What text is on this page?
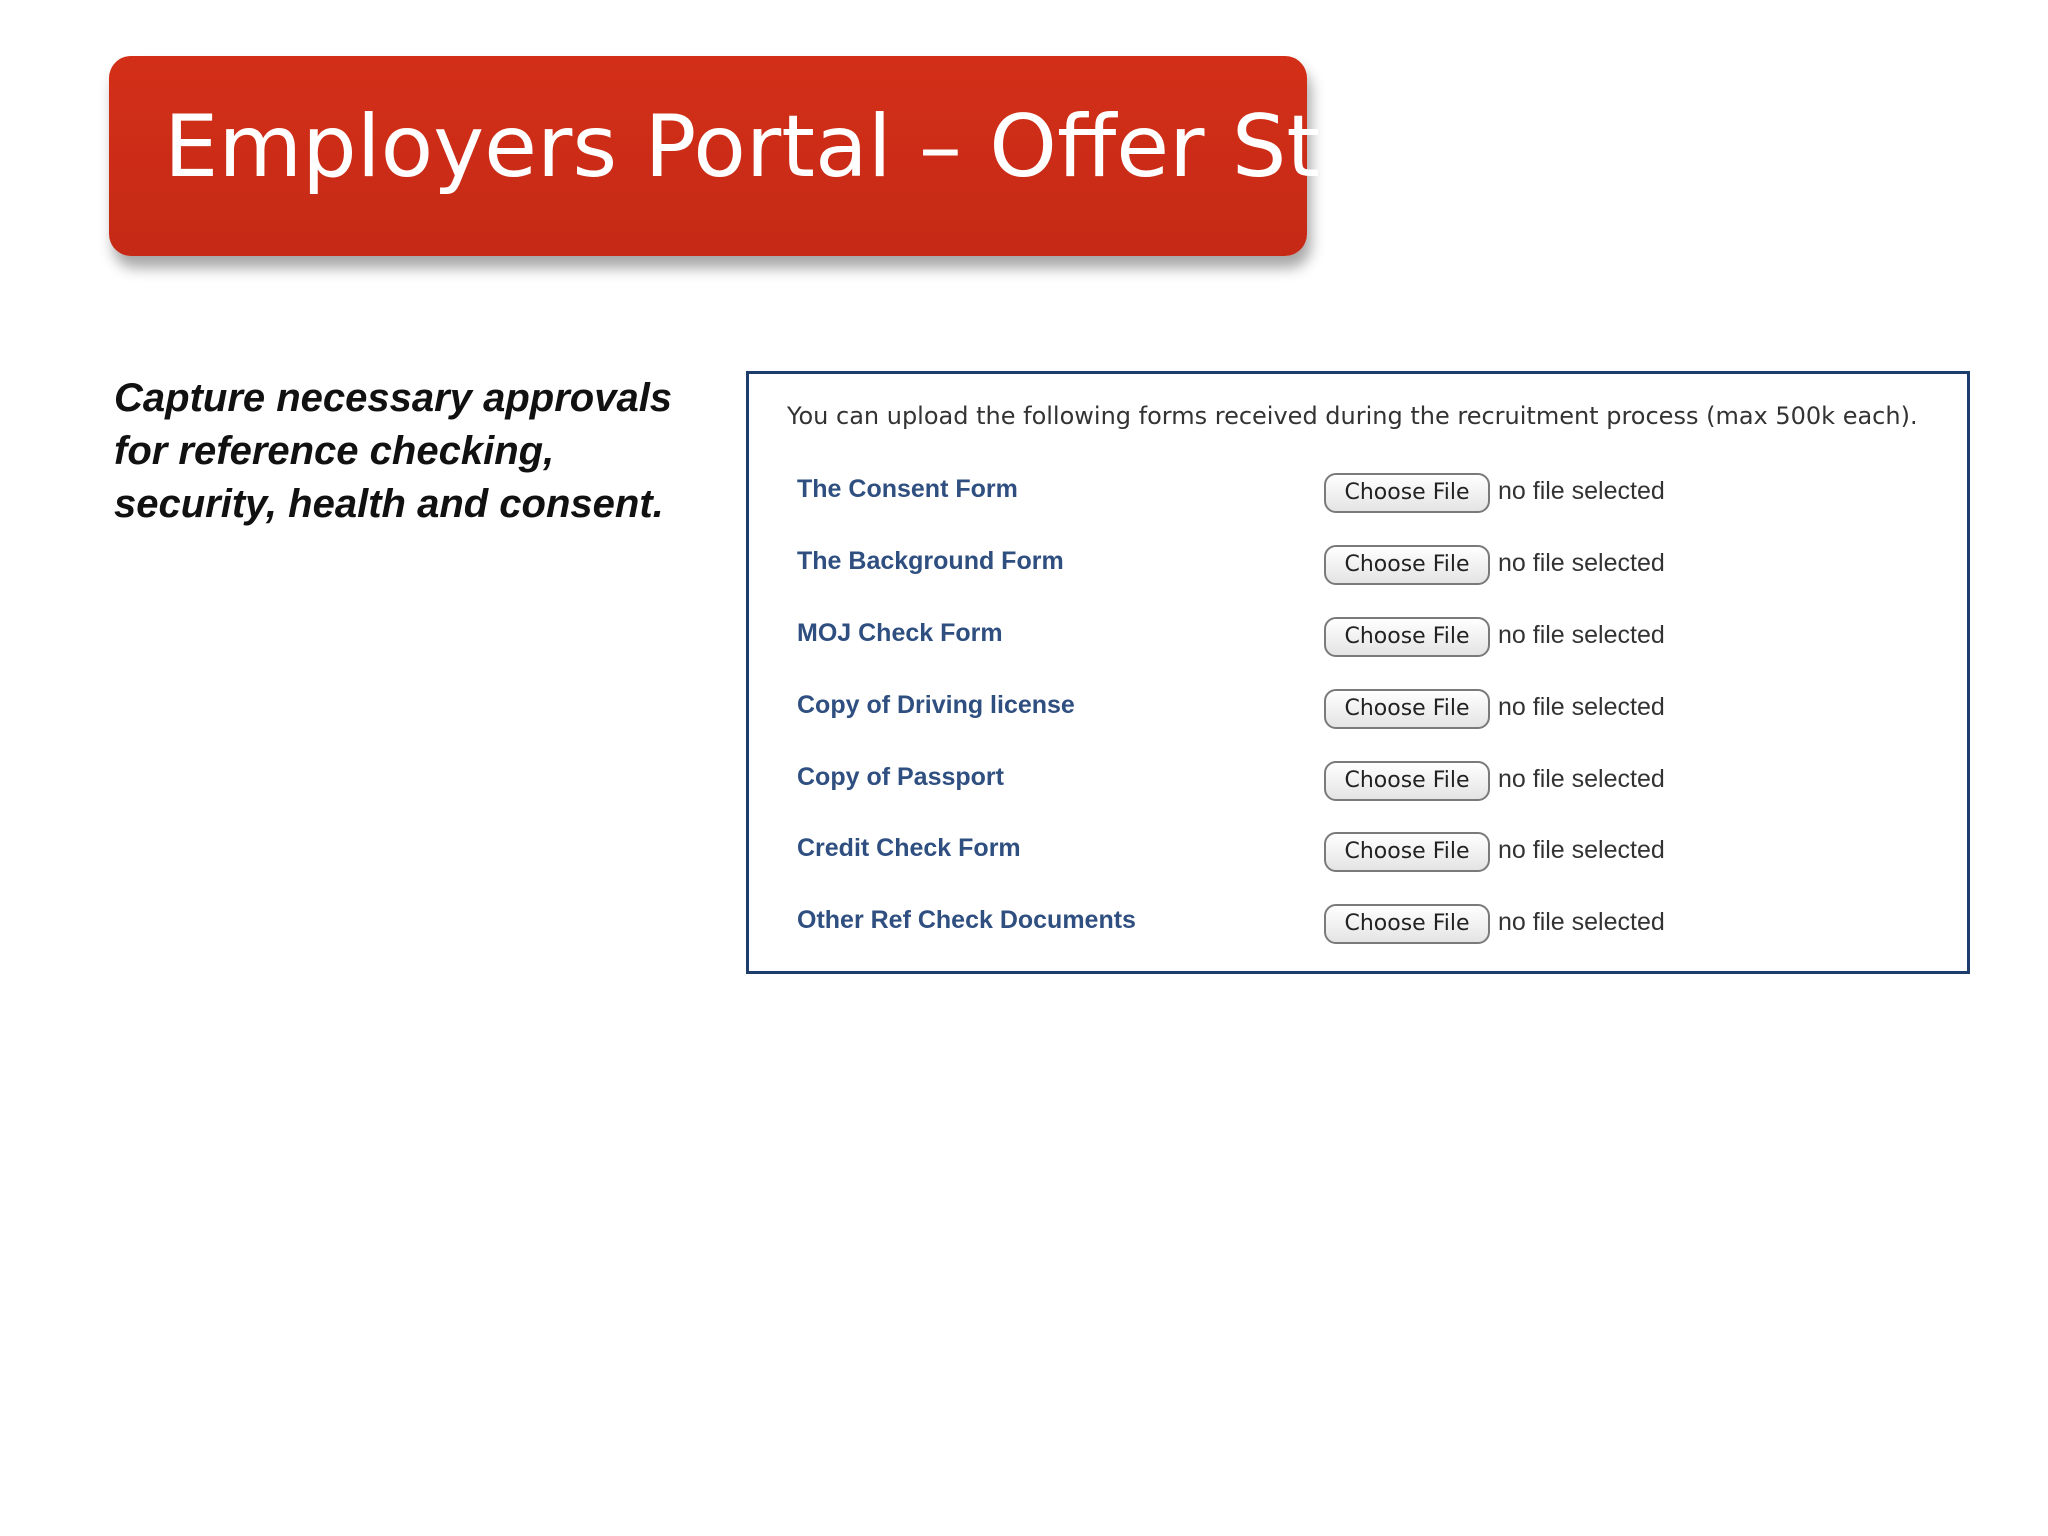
Employers Portal – Offer Stage
Capture necessary approvals for reference checking, security, health and consent.
You can upload the following forms received during the recruitment process (max 500k each).
The Consent Form	Choose File	no file selected
The Background Form	Choose File	no file selected
MOJ Check Form	Choose File	no file selected
Copy of Driving license	Choose File	no file selected
Copy of Passport	Choose File	no file selected
Credit Check Form	Choose File	no file selected
Other Ref Check Documents	Choose File	no file selected
